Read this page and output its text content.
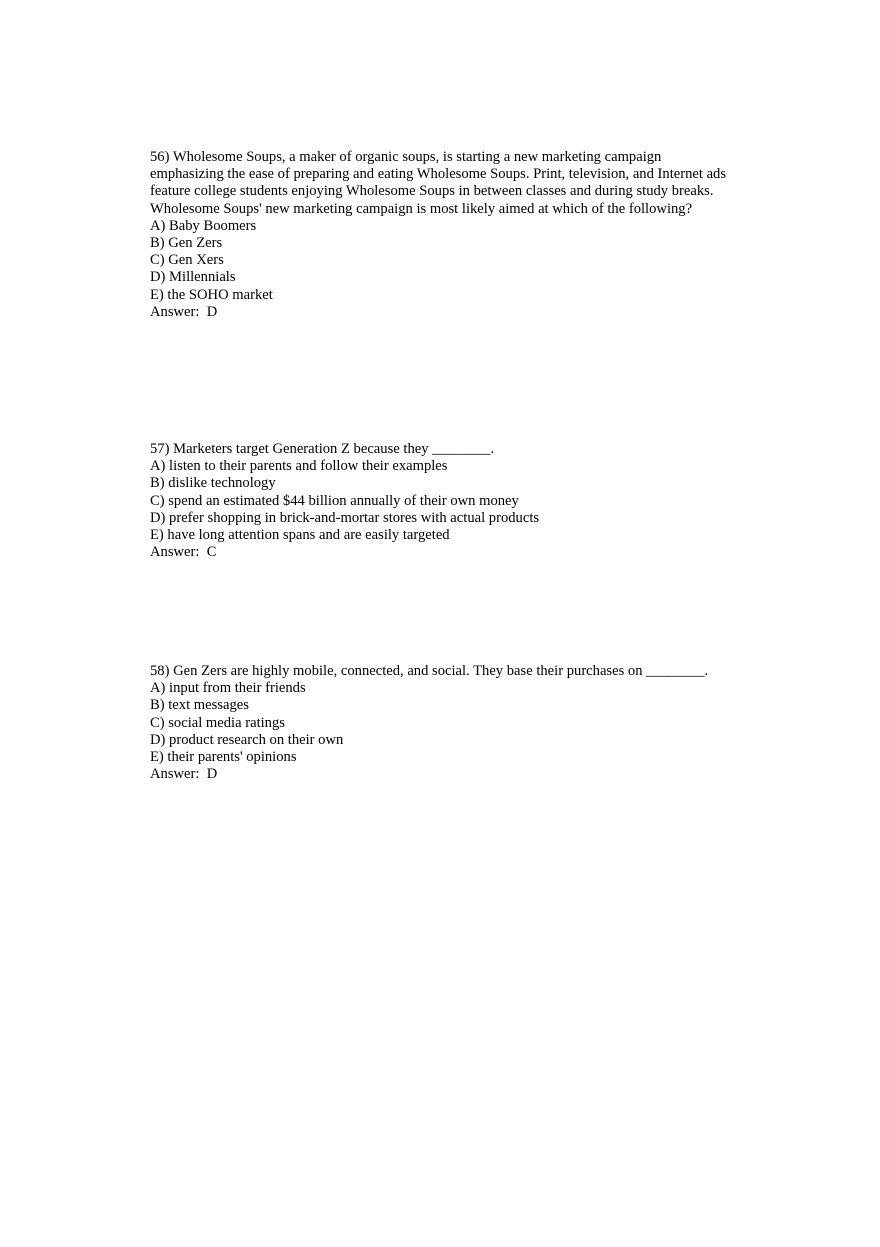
56) Wholesome Soups, a maker of organic soups, is starting a new marketing campaign emphasizing the ease of preparing and eating Wholesome Soups. Print, television, and Internet ads feature college students enjoying Wholesome Soups in between classes and during study breaks. Wholesome Soups' new marketing campaign is most likely aimed at which of the following?

A) Baby Boomers
B) Gen Zers
C) Gen Xers
D) Millennials
E) the SOHO market

Answer:  D

57) Marketers target Generation Z because they ________.

A) listen to their parents and follow their examples
B) dislike technology
C) spend an estimated $44 billion annually of their own money
D) prefer shopping in brick-and-mortar stores with actual products
E) have long attention spans and are easily targeted

Answer:  C

58) Gen Zers are highly mobile, connected, and social. They base their purchases on ________.

A) input from their friends
B) text messages
C) social media ratings
D) product research on their own
E) their parents' opinions

Answer:  D
